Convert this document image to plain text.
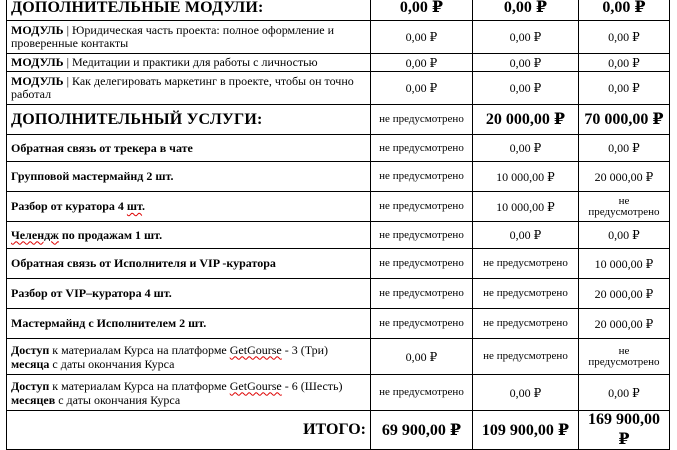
ДОПОЛНИТЕЛЬНЫЕ МОДУЛИ:	0,00 ₽	0,00 ₽	0,00 ₽
МОДУЛЬ | Юридическая часть проекта: полное оформление и проверенные контакты	0,00 ₽	0,00 ₽	0,00 ₽
МОДУЛЬ | Медитации и практики для работы с личностью	0,00 ₽	0,00 ₽	0,00 ₽
МОДУЛЬ | Как делегировать маркетинг в проекте, чтобы он точно работал	0,00 ₽	0,00 ₽	0,00 ₽
ДОПОЛНИТЕЛЬНЫЙ УСЛУГИ:	не предусмотрено	20 000,00 ₽	70 000,00 ₽
Обратная связь от трекера в чате	не предусмотрено	0,00 ₽	0,00 ₽
Групповой мастермайнд 2 шт.	не предусмотрено	10 000,00 ₽	20 000,00 ₽
Разбор от куратора 4 шт.	не предусмотрено	10 000,00 ₽	не предусмотрено
Челендж по продажам 1 шт.	не предусмотрено	0,00 ₽	0,00 ₽
Обратная связь от Исполнителя и VIP -куратора	не предусмотрено	не предусмотрено	10 000,00 ₽
Разбор от VIP–куратора 4 шт.	не предусмотрено	не предусмотрено	20 000,00 ₽
Мастермайнд с Исполнителем 2 шт.	не предусмотрено	не предусмотрено	20 000,00 ₽
Доступ к материалам Курса на платформе GetGourse - 3 (Три) месяца с даты окончания Курса	0,00 ₽	не предусмотрено	не предусмотрено
Доступ к материалам Курса на платформе GetGourse - 6 (Шесть) месяцев с даты окончания Курса	не предусмотрено	0,00 ₽	0,00 ₽
ИТОГО:	69 900,00 ₽	109 900,00 ₽	169 900,00 ₽
